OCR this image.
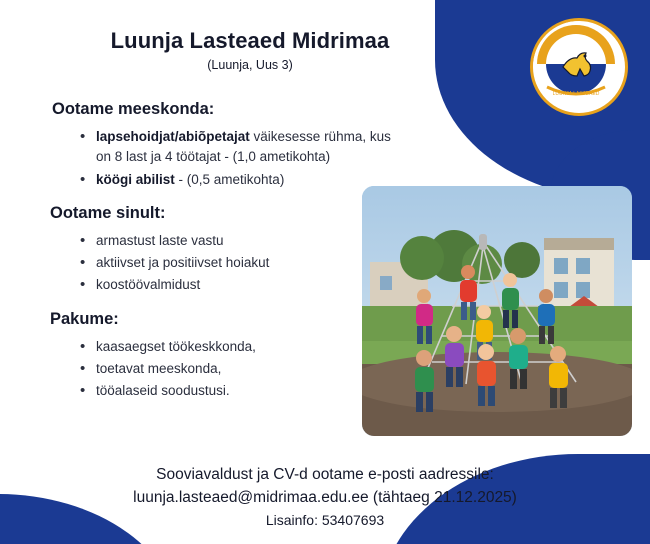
LUUNJA LASTEAED
Luunja Lasteaed Midrimaa
(Luunja, Uus 3)
Ootame meeskonda:
• lapsehoidjat/abiõpetajat väikesesse rühma, kus on 8 last ja 4 töötajat - (1,0 ametikohta)
• köögi abilist - (0,5 ametikohta)
Ootame sinult:
• armastust laste vastu
• aktiivset ja positiivset hoiakut
• koostöövalmidust
Pakume:
• kaasaegset töökeskkonda,
• toetavat meeskonda,
• tööalaseid soodustusi.
Sooviavaldust ja CV-d ootame e-posti aadressile:
luunja.lasteaed@midrimaa.edu.ee (tähtaeg 21.12.2025)
Lisainfo: 53407693
